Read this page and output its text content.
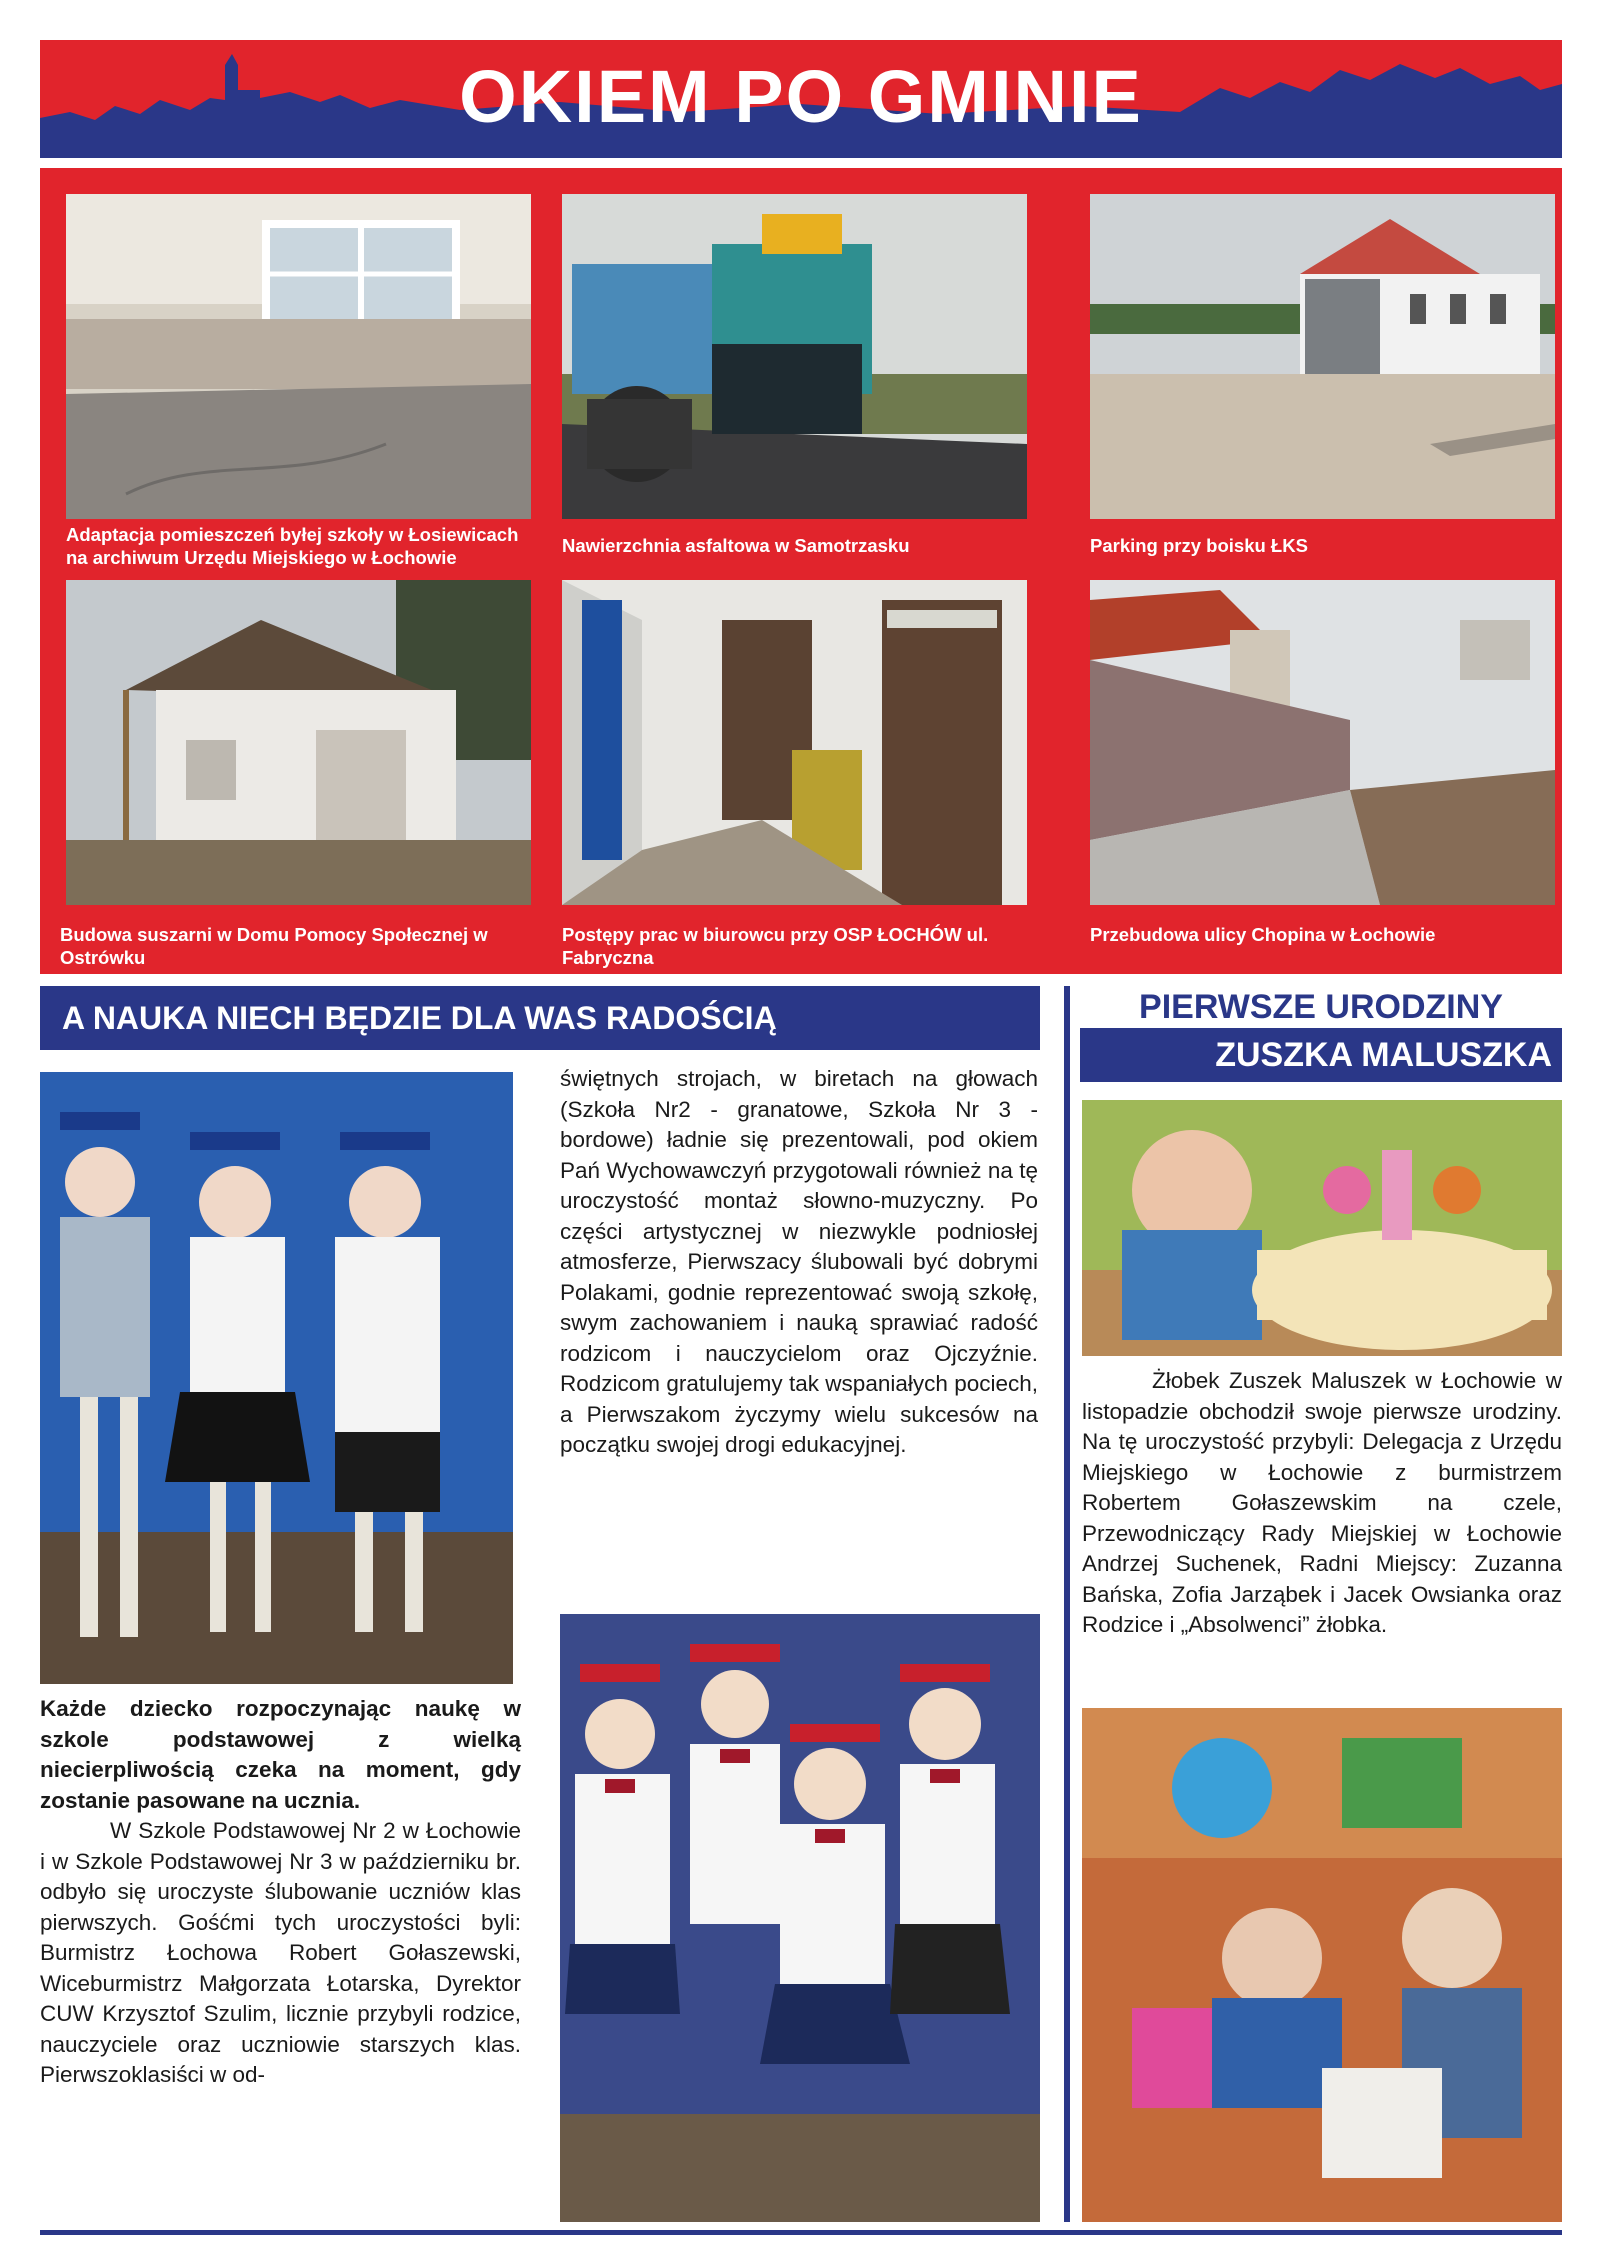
OKIEM PO GMINIE
Adaptacja pomieszczeń byłej szkoły w Łosiewicach na archiwum Urzędu Miejskiego w Łochowie
Nawierzchnia asfaltowa w Samotrzasku	Parking przy boisku ŁKS
Budowa suszarni w Domu Pomocy Społecznej w Ostrówku
Postępy prac w biurowcu przy OSP ŁOCHÓW ul. Fabryczna
Przebudowa ulicy Chopina w Łochowie
A NAUKA NIECH BĘDZIE DLA WAS RADOŚCIĄ

Każde dziecko rozpoczynając naukę w szkole podstawowej z wielką niecierpliwością czeka na moment, gdy zostanie pasowane na ucznia.

W Szkole Podstawowej Nr 2 w Łochowie i w Szkole Podstawowej Nr 3 w październiku br. odbyło się uroczyste ślubowanie uczniów klas pierwszych. Gośćmi tych uroczystości byli: Burmistrz Łochowa Robert Gołaszewski, Wiceburmistrz Małgorzata Łotarska, Dyrektor CUW Krzysztof Szulim, licznie przybyli rodzice, nauczyciele oraz uczniowie starszych klas. Pierwszoklasiści w od-

świętnych strojach, w biretach na głowach (Szkoła Nr2 - granatowe, Szkoła Nr 3 - bordowe) ładnie się prezentowali, pod okiem Pań Wychowawczyń przygotowali również na tę uroczystość montaż słowno-muzyczny. Po części artystycznej w niezwykle podniosłej atmosferze, Pierwszacy ślubowali być dobrymi Polakami, godnie reprezentować swoją szkołę, swym zachowaniem i nauką sprawiać radość rodzicom i nauczycielom oraz Ojczyźnie. Rodzicom gratulujemy tak wspaniałych pociech, a Pierwszakom życzymy wielu sukcesów na początku swojej drogi edukacyjnej.

PIERWSZE URODZINY
ZUSZKA MALUSZKA

Żłobek Zuszek Maluszek w Łochowie w listopadzie obchodził swoje pierwsze urodziny. Na tę uroczystość przybyli: Delegacja z Urzędu Miejskiego w Łochowie z burmistrzem Robertem Gołaszewskim na czele, Przewodniczący Rady Miejskiej w Łochowie Andrzej Suchenek, Radni Miejscy: Zuzanna Bańska, Zofia Jarząbek i Jacek Owsianka oraz Rodzice i „Absolwenci” żłobka.
